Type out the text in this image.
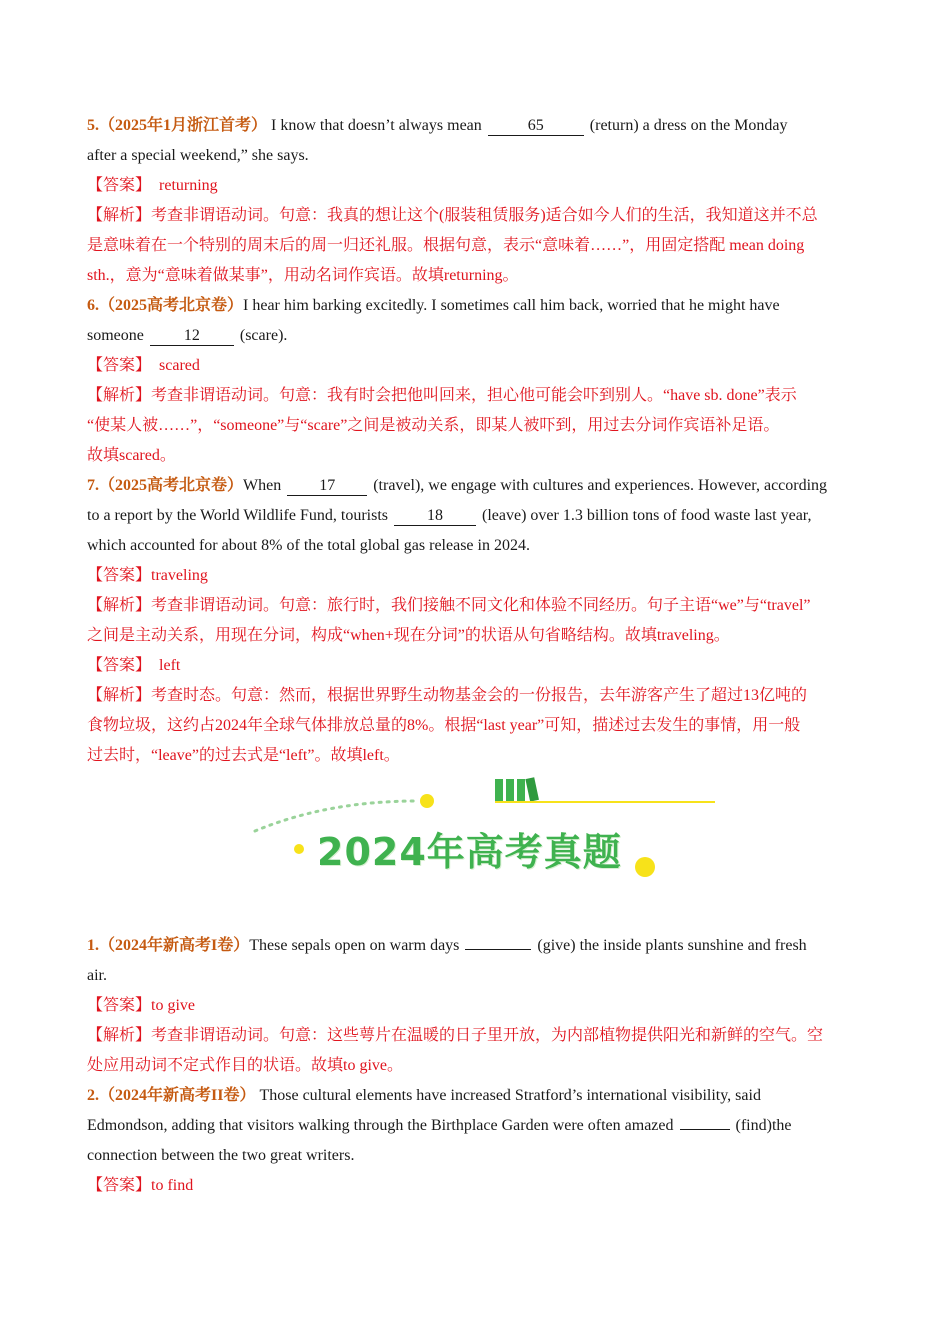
5.（2025年1月浙江首考） I know that doesn’t always mean	65	(return) a dress on the Monday

after a special weekend,” she says.

【答案】 returning

【解析】考查非谓语动词。句意：我真的想让这个(服装租赁服务)适合如今人们的生活，我知道这并不总

是意味着在一个特别的周末后的周一归还礼服。根据句意，表示“意味着……”，用固定搭配 mean doing

sth.，意为“意味着做某事”，用动名词作宾语。故填returning。

6.（2025高考北京卷）I hear him barking excitedly. I sometimes call him back, worried that he might have

someone 12 (scare).

【答案】 scared

【解析】考查非谓语动词。句意：我有时会把他叫回来，担心他可能会吓到别人。“have sb. done”表示

“使某人被……”，“someone”与“scare”之间是被动关系，即某人被吓到，用过去分词作宾语补足语。

故填scared。

7.（2025高考北京卷）When 17 (travel), we engage with cultures and experiences. However, according

to a report by the World Wildlife Fund, tourists 18 (leave) over 1.3 billion tons of food waste last year,

which accounted for about 8% of the total global gas release in 2024.

【答案】traveling

【解析】考查非谓语动词。句意：旅行时，我们接触不同文化和体验不同经历。句子主语“we”与“travel”

之间是主动关系，用现在分词，构成“when+现在分词”的状语从句省略结构。故填traveling。

【答案】 left

【解析】考查时态。句意：然而，根据世界野生动物基金会的一份报告，去年游客产生了超过13亿吨的

食物垃圾，这约占2024年全球气体排放总量的8%。根据“last year”可知，描述过去发生的事情，用一般

过去时，“leave”的过去式是“left”。故填left。

2024年高考真题

1.（2024年新高考I卷）These sepals open on warm days	(give) the inside plants sunshine and fresh

air.

【答案】to give

【解析】考查非谓语动词。句意：这些萼片在温暖的日子里开放，为内部植物提供阳光和新鲜的空气。空

处应用动词不定式作目的状语。故填to give。

2.（2024年新高考II卷） Those cultural elements have increased Stratford’s international visibility, said

Edmondson, adding that visitors walking through the Birthplace Garden were often amazed	(find)the

connection between the two great writers.

【答案】to find
